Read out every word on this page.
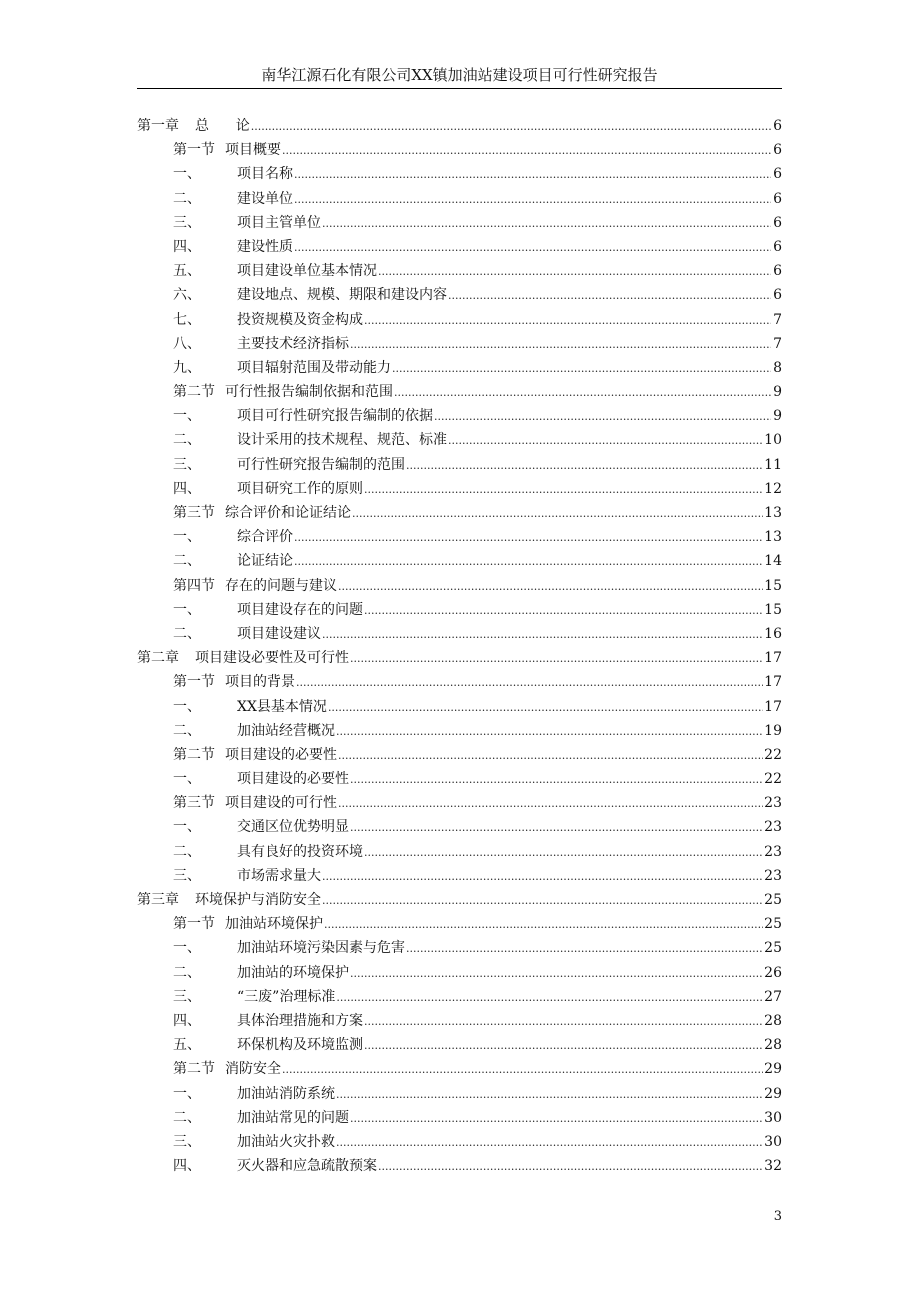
南华江源石化有限公司XX镇加油站建设项目可行性研究报告
第一章 总      论 .....	6
第一节 项目概要 .....	6
一、	项目名称 .....	6
二、	建设单位 .....	6
三、	项目主管单位 .....	6
四、	建设性质 .....	6
五、	项目建设单位基本情况 .....	6
六、	建设地点、规模、期限和建设内容 .....	6
七、	投资规模及资金构成 .....	7
八、	主要技术经济指标 .....	7
九、	项目辐射范围及带动能力 .....	8
第二节 可行性报告编制依据和范围 .....	9
一、	项目可行性研究报告编制的依据 .....	9
二、	设计采用的技术规程、规范、标准 .....	10
三、	可行性研究报告编制的范围 .....	11
四、	项目研究工作的原则 .....	12
第三节 综合评价和论证结论 .....	13
一、	综合评价 .....	13
二、	论证结论 .....	14
第四节 存在的问题与建议 .....	15
一、	项目建设存在的问题 .....	15
二、	项目建设建议 .....	16
第二章 项目建设必要性及可行性 .....	17
第一节 项目的背景 .....	17
一、	XX县基本情况 .....	17
二、	加油站经营概况 .....	19
第二节 项目建设的必要性 .....	22
一、	项目建设的必要性 .....	22
第三节 项目建设的可行性 .....	23
一、	交通区位优势明显 .....	23
二、	具有良好的投资环境 .....	23
三、	市场需求量大 .....	23
第三章 环境保护与消防安全 .....	25
第一节 加油站环境保护 .....	25
一、	加油站环境污染因素与危害 .....	25
二、	加油站的环境保护 .....	26
三、	“三废”治理标准 .....	27
四、	具体治理措施和方案 .....	28
五、	环保机构及环境监测 .....	28
第二节 消防安全 .....	29
一、	加油站消防系统 .....	29
二、	加油站常见的问题 .....	30
三、	加油站火灾扑救 .....	30
四、	灭火器和应急疏散预案 .....	32
3
